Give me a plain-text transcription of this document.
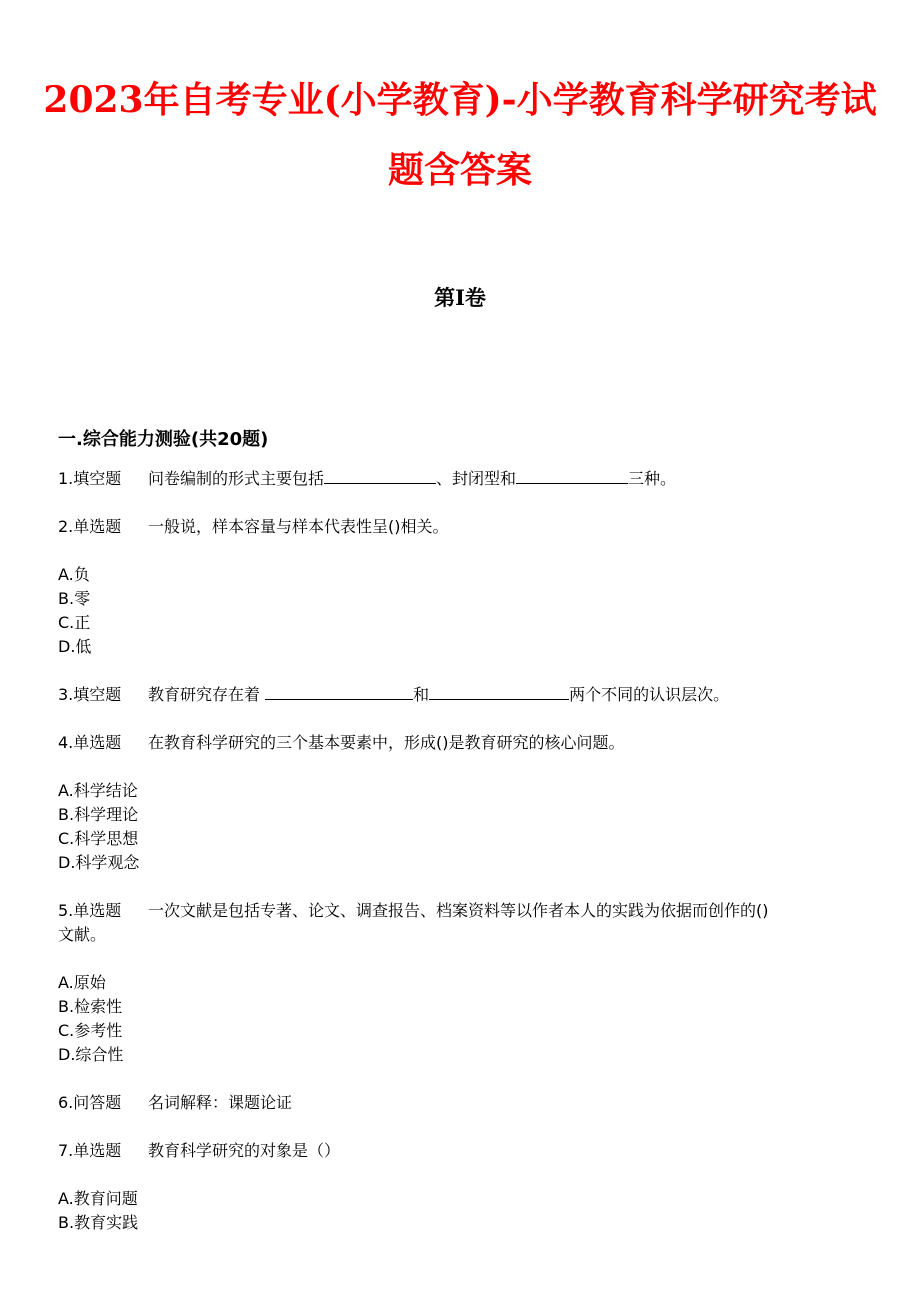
2023年自考专业(小学教育)-小学教育科学研究考试
题含答案
第I卷
一.综合能力测验(共20题)
1.填空题 问卷编制的形式主要包括	、封闭型和	三种。
2.单选题 一般说，样本容量与样本代表性呈()相关。
A.负
B.零
C.正
D.低
3.填空题 教育研究存在着	和	两个不同的认识层次。
4.单选题 在教育科学研究的三个基本要素中，形成()是教育研究的核心问题。
A.科学结论
B.科学理论
C.科学思想
D.科学观念
5.单选题 一次文献是包括专著、论文、调查报告、档案资料等以作者本人的实践为依据而创作的()
文献。
A.原始
B.检索性
C.参考性
D.综合性
6.问答题 名词解释：课题论证
7.单选题 教育科学研究的对象是（）
A.教育问题
B.教育实践
